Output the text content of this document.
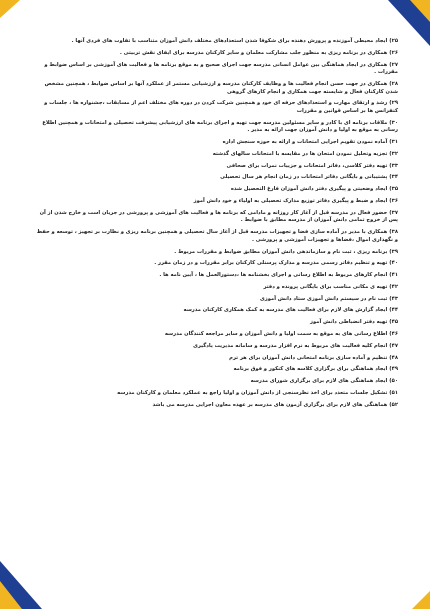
۲۵)ایجاد محیطی آموزنده و پرورش دهنده برای شکوفا شدن استعدادهای مختلف دانش آموزان متناسب با تفاوت های فردی آنها .

۲۶)همکاری در برنامه ریزی به منظور جلب مشارکت معلمان و سایر کارکنان مدرسه برای ایفای نقش تربیتی .

۲۷)همکاری در ایجاد هماهنگی بین عوامل انسانی مدرسه جهت اجرای صحیح و به موقع برنامه ها و فعالیت های آموزشی بر اساس ضوابط و مقررات .

۲۸)همکاری در جهت حسن انجام فعالیت ها و وظایف کارکنان مدرسه و ارزشیابی مستمر از عملکرد آنها بر اساس ضوابط ، همچنین مشخص شدن کارکنان فعال و شایسته جهت همکاری و انجام کارهای گروهی

۲۹)رشد و ارتقای مهارت و استعدادهای حرفه ای خود و همچنین شرکت کردن در دوره های مختلف اعم از مسابقات ،جشنواره ها ، جلسات و کنفرانس ها بر اساس قوانین و مقررات

۳۰)ملاقات برنامه ای با کادر و سایر مسئولین مدرسه جهت تهیه و اجرای برنامه های ارزشیابی پیشرفت تحصیلی و امتحانات و همچنین اطلاع رسانی به موقع به اولیا و دانش آموزان جهت ارائه به مدیر .

۳۱)آماده نمودن تقویم اجرایی امتحانات و ارائه به حوزه سنجش اداره

۳۲)تجزیه وتحلیل نمودن امتحان ها در مقایسه با امتحانات سالهای گذشته

۳۳)تهیه دفتر کلاسی، دفاتر امتحانات و جزییات نمرات برای صحافی

۳۴)پشتیبانی و بایگانی دفاتر امتحانات در زمان انجام هر سال تحصیلی

۳۵)ایجاد وضعیتی و پیگیری دفتر دانش آموزان فارغ التحصیل شده

۳۶)ایجاد و ضبط و پیگیری دفاتر توزیع مدارک تحصیلی به اولیاء و خود دانش آموز

۳۷)حضور فعال در مدرسه قبل از آغاز کار روزانه و مادامی که برنامه ها و فعالیت های آموزشی و پرورشی در جریان است و خارج شدن از آن پس از خروج تمامی دانش آموزان از مدرسه مطابق با ضوابط .

۳۸)همکاری با مدیر در آماده سازی فضا و تجهیزات مدرسه قبل از آغاز سال تحصیلی و همچنین برنامه ریزی و نظارت بر تجهیز ، توسعه و حفظ و نگهداری اموال ،فضاها و تجهیزات آموزشی و پرورشی .

۳۹)برنامه ریزی ، ثبت نام و سازماندهی دانش آموزان مطابق ضوابط و مقررات مربوط .

۴۰)تهیه و تنظیم دفاتر رسمی مدرسه و مدارک پرسنلی کارکنان برابر مقررات و در زمان مقرر .

۴۱)انجام کارهای مربوط به اطلاع رسانی و اجرای بخشنامه ها ،دستورالعمل ها ، آیین نامه ها .

۴۲)تهیه ی مکانی مناسب برای بایگانی پرونده و دفتر

۴۳)ثبت نام در سیستم دانش آموزی ستاد دانش آموزی

۴۴)ایجاد گزارش های لازم برای فعالیت های مدرسه به کمک همکاری کارکنان مدرسه

۴۵)تهیه دفتر انضباطی دانش آموز

۴۶)اطلاع رسانی های به موقع به سمت اولیا و دانش آموزان و سایر مراجعه کنندگان مدرسه

۴۷)انجام کلیه فعالیت های مربوط به نرم افزار مدرسه و سامانه مدیریت یادگیری

۴۸)تنظیم و آماده سازی برنامه امتحانی دانش آموزان برای هر ترم

۴۹)ایجاد هماهنگی برای برگزاری کلاسه های کنکور و فوق برنامه

۵۰)ایجاد هماهنگی های لازم برای برگزاری شورای مدرسه

۵۱)تشکیل جلسات متعدد برای اخذ نظرسنجی از دانش آموزان و اولیا راجع به عملکرد معلمان و کارکنان مدرسه

۵۲)هماهنگی های لازم برای برگزاری آزمون های مدرسه بر عهده معاون اجرایی مدرسه می باشد
